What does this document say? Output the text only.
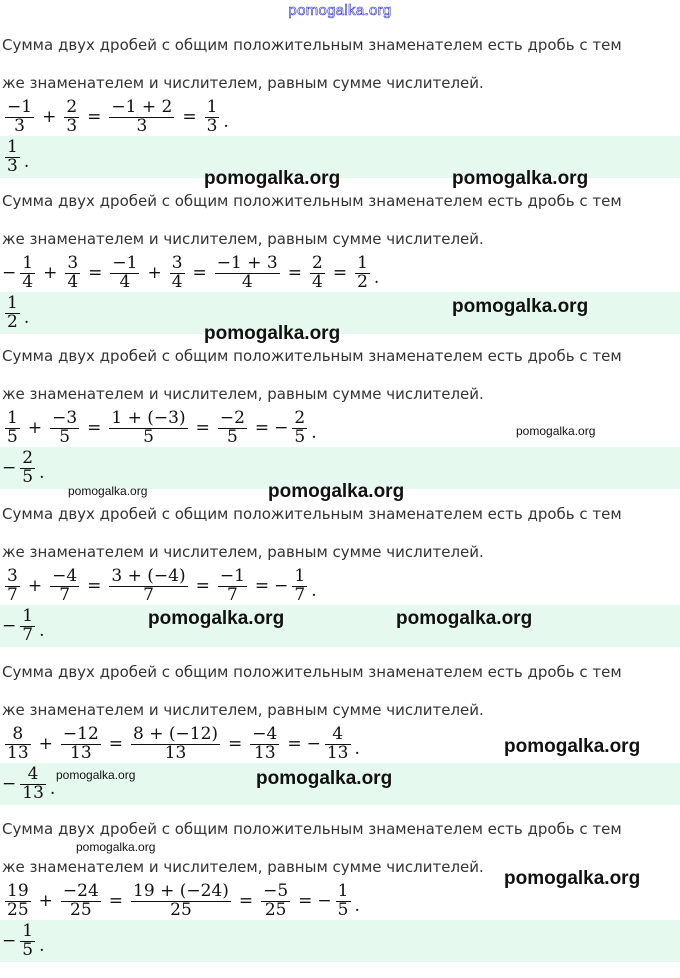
pomogalka.org
Сумма двух дробей с общим положительным знаменателем есть дробь с тем
же знаменателем и числителем, равным сумме числителей.
$\frac{-1}{3} + \frac{2}{3} = \frac{-1 + 2}{3} = \frac{1}{3}$ .
$\frac{1}{3}$ .
Сумма двух дробей с общим положительным знаменателем есть дробь с тем
же знаменателем и числителем, равным сумме числителей.
− $\frac{1}{4} + \frac{3}{4} = \frac{-1}{4} + \frac{3}{4} = \frac{-1 + 3}{4} = \frac{2}{4} = \frac{1}{2}$ .
$\frac{1}{2}$ .
Сумма двух дробей с общим положительным знаменателем есть дробь с тем
же знаменателем и числителем, равным сумме числителей.
$\frac{1}{5} + \frac{-3}{5} = \frac{1 + (-3)}{5} = \frac{-2}{5}$ = − $\frac{2}{5}$ .
− $\frac{2}{5}$ .
Сумма двух дробей с общим положительным знаменателем есть дробь с тем
же знаменателем и числителем, равным сумме числителей.
$\frac{3}{7} + \frac{-4}{7} = \frac{3 + (-4)}{7} = \frac{-1}{7}$ = − $\frac{1}{7}$ .
− $\frac{1}{7}$ .
Сумма двух дробей с общим положительным знаменателем есть дробь с тем
же знаменателем и числителем, равным сумме числителей.
$\frac{8}{13} + \frac{-12}{13} = \frac{8 + (-12)}{13} = \frac{-4}{13}$ = − $\frac{4}{13}$ .
− $\frac{4}{13}$ .
Сумма двух дробей с общим положительным знаменателем есть дробь с тем
же знаменателем и числителем, равным сумме числителей.
$\frac{19}{25} + \frac{-24}{25} = \frac{19 + (-24)}{25} = \frac{-5}{25}$ = − $\frac{1}{5}$ .
− $\frac{1}{5}$ .
pomogalka.org	pomogalka.org
pomogalka.org
pomogalka.org
pomogalka.org
pomogalka.org	pomogalka.org
pomogalka.org	pomogalka.org
pomogalka.org
pomogalka.org	pomogalka.org
pomogalka.org
pomogalka.org
